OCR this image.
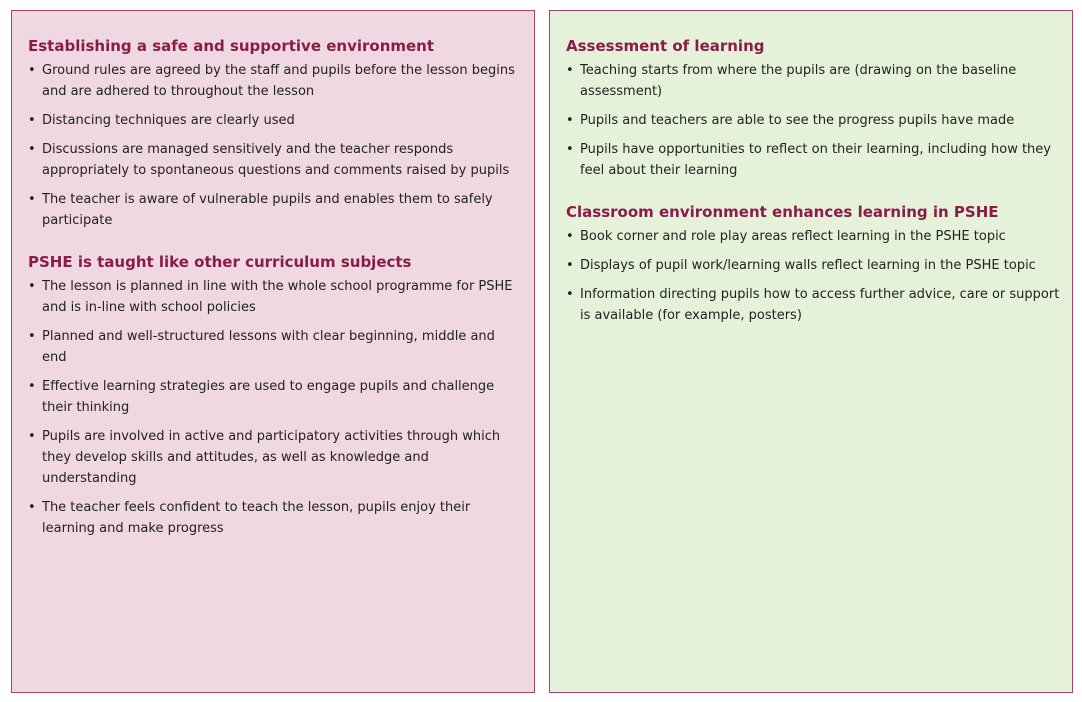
Establishing a safe and supportive environment
• Ground rules are agreed by the staff and pupils before the lesson begins and are adhered to throughout the lesson
• Distancing techniques are clearly used
• Discussions are managed sensitively and the teacher responds appropriately to spontaneous questions and comments raised by pupils
• The teacher is aware of vulnerable pupils and enables them to safely participate
PSHE is taught like other curriculum subjects
• The lesson is planned in line with the whole school programme for PSHE and is in-line with school policies
• Planned and well-structured lessons with clear beginning, middle and end
• Effective learning strategies are used to engage pupils and challenge their thinking
• Pupils are involved in active and participatory activities through which they develop skills and attitudes, as well as knowledge and understanding
• The teacher feels confident to teach the lesson, pupils enjoy their learning and make progress
Assessment of learning
• Teaching starts from where the pupils are (drawing on the baseline assessment)
• Pupils and teachers are able to see the progress pupils have made
• Pupils have opportunities to reflect on their learning, including how they feel about their learning
Classroom environment enhances learning in PSHE
• Book corner and role play areas reflect learning in the PSHE topic
• Displays of pupil work/learning walls reflect learning in the PSHE topic
• Information directing pupils how to access further advice, care or support is available (for example, posters)
